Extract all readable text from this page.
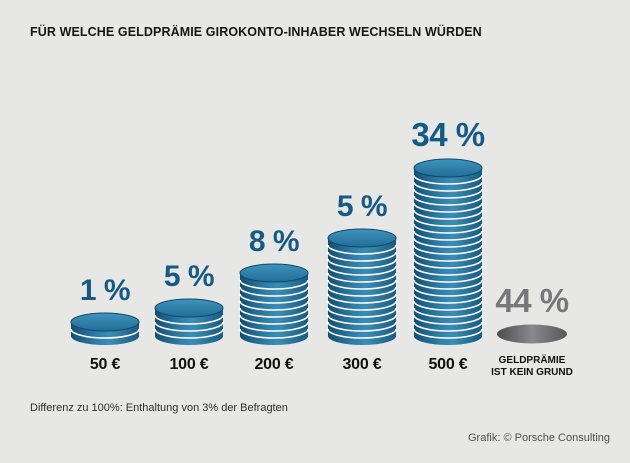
FÜR WELCHE GELDPRÄMIE GIROKONTO-INHABER WECHSELN WÜRDEN
1 %
50 €
5 %
100 €
8 %
200 €
5 %
300 €
34 %
500 €
44 %
GELDPRÄMIE
IST KEIN GRUND
Differenz zu 100%: Enthaltung von 3% der Befragten
Grafik: © Porsche Consulting
